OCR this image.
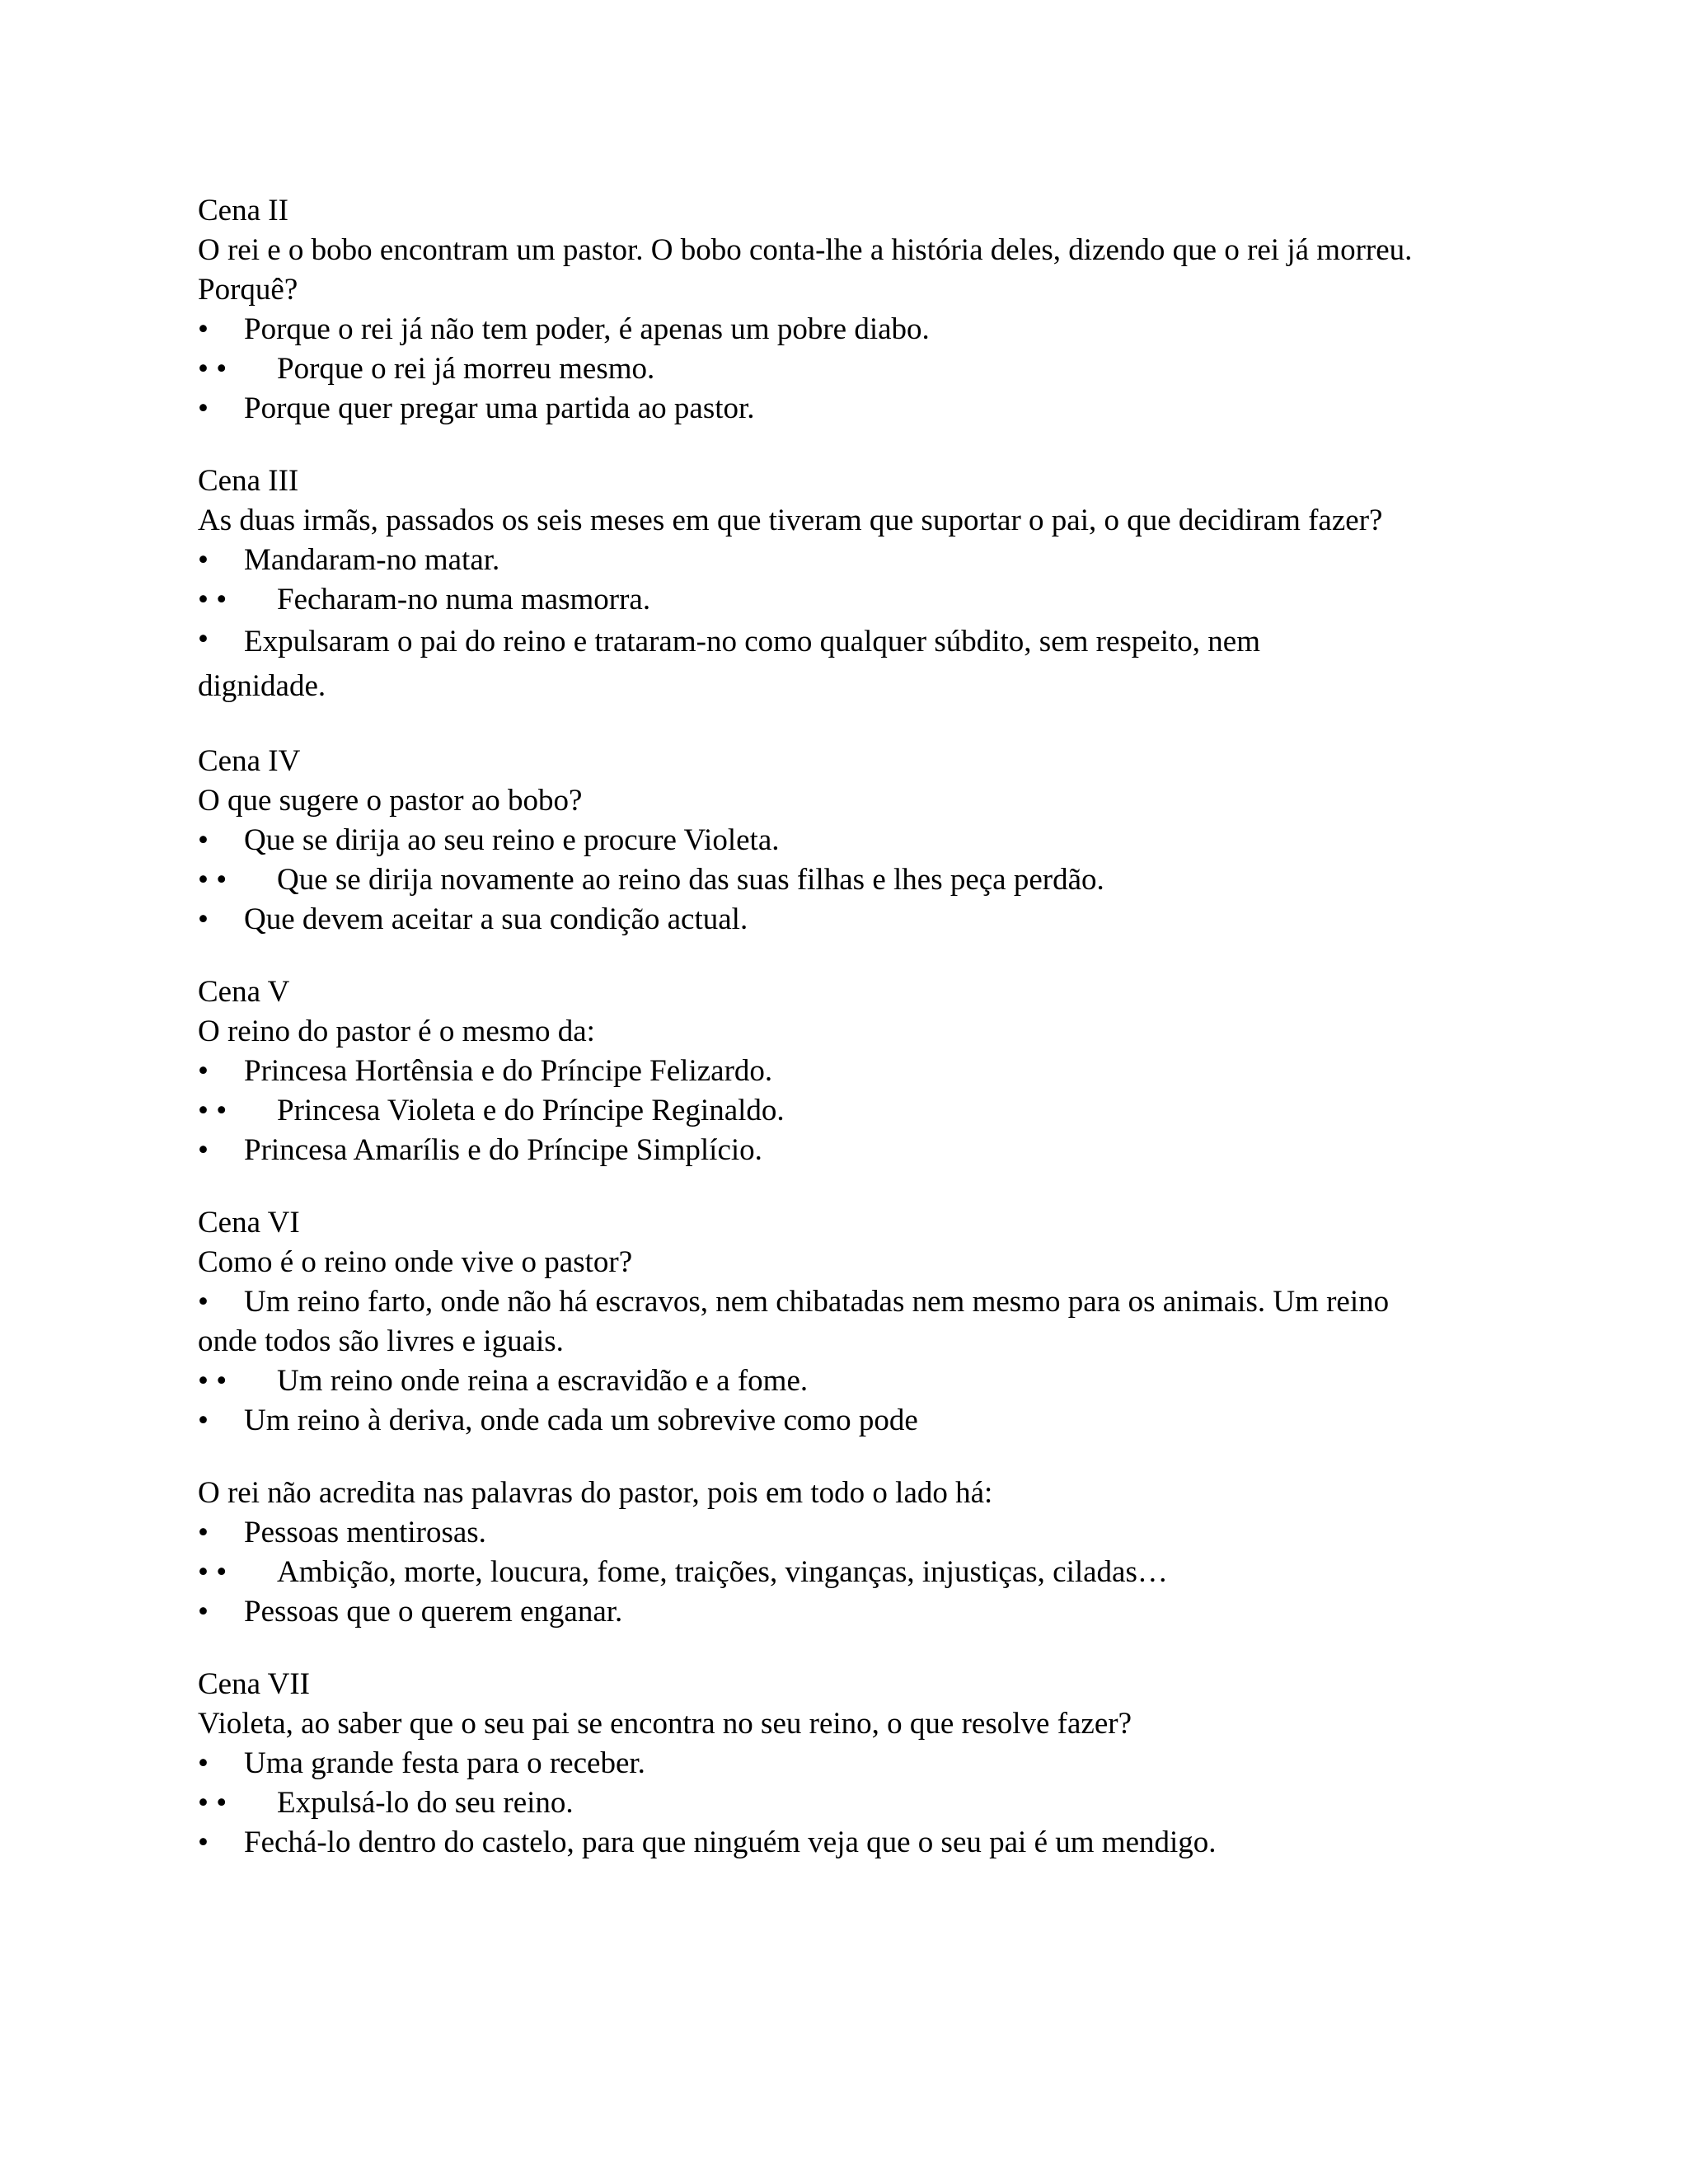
Cena II
O rei e o bobo encontram um pastor. O bobo conta-lhe a história deles, dizendo que o rei já morreu. Porquê?
•	Porque o rei já não tem poder, é apenas um pobre diabo.
• •	Porque o rei já morreu mesmo.
•	Porque quer pregar uma partida ao pastor.
Cena III
As duas irmãs, passados os seis meses em que tiveram que suportar o pai, o que decidiram fazer?
•	Mandaram-no matar.
• •	Fecharam-no numa masmorra.
•	Expulsaram o pai do reino e trataram-no como qualquer súbdito, sem respeito, nem dignidade.
Cena IV
O que sugere o pastor ao bobo?
•	Que se dirija ao seu reino e procure Violeta.
• •	Que se dirija novamente ao reino das suas filhas e lhes peça perdão.
•	Que devem aceitar a sua condição actual.
Cena V
O reino do pastor é o mesmo da:
•	Princesa Hortênsia e do Príncipe Felizardo.
• •	Princesa Violeta e do Príncipe Reginaldo.
•	Princesa Amarílis e do Príncipe Simplício.
Cena VI
Como é o reino onde vive o pastor?
•	Um reino farto, onde não há escravos, nem chibatadas nem mesmo para os animais. Um reino onde todos são livres e iguais.
• •	Um reino onde reina a escravidão e a fome.
•	Um reino à deriva, onde cada um sobrevive como pode
O rei não acredita nas palavras do pastor, pois em todo o lado há:
•	Pessoas mentirosas.
• •	Ambição, morte, loucura, fome, traições, vinganças, injustiças, ciladas…
•	Pessoas que o querem enganar.
Cena VII
Violeta, ao saber que o seu pai se encontra no seu reino, o que resolve fazer?
•	Uma grande festa para o receber.
• •	Expulsá-lo do seu reino.
•	Fechá-lo dentro do castelo, para que ninguém veja que o seu pai é um mendigo.
